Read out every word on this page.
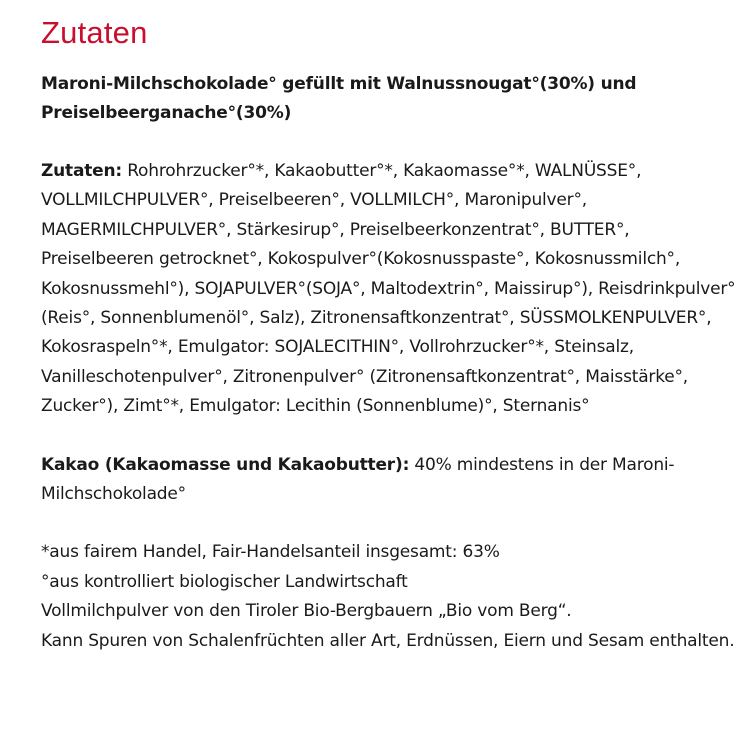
Zutaten

Maroni-Milchschokolade° gefüllt mit Walnussnougat°(30%) und Preiselbeerganache°(30%)

Zutaten: Rohrohrzucker°*, Kakaobutter°*, Kakaomasse°*, WALNÜSSE°, VOLLMILCHPULVER°, Preiselbeeren°, VOLLMILCH°, Maronipulver°, MAGERMILCHPULVER°, Stärkesirup°, Preiselbeerkonzentrat°, BUTTER°, Preiselbeeren getrocknet°, Kokospulver°(Kokosnusspaste°, Kokosnussmilch°, Kokosnussmehl°), SOJAPULVER°(SOJA°, Maltodextrin°, Maissirup°), Reisdrinkpulver°(Reis°, Sonnenblumenöl°, Salz), Zitronensaftkonzentrat°, SÜSSMOLKENPULVER°, Kokosraspeln°*, Emulgator: SOJALECITHIN°, Vollrohrzucker°*, Steinsalz, Vanilleschotenpulver°, Zitronenpulver° (Zitronensaftkonzentrat°, Maisstärke°, Zucker°), Zimt°*, Emulgator: Lecithin (Sonnenblume)°, Sternanis°

Kakao (Kakaomasse und Kakaobutter): 40% mindestens in der Maroni-Milchschokolade°

*aus fairem Handel, Fair-Handelsanteil insgesamt: 63%
°aus kontrolliert biologischer Landwirtschaft
Vollmilchpulver von den Tiroler Bio-Bergbauern „Bio vom Berg“.
Kann Spuren von Schalenfrüchten aller Art, Erdnüssen, Eiern und Sesam enthalten.
